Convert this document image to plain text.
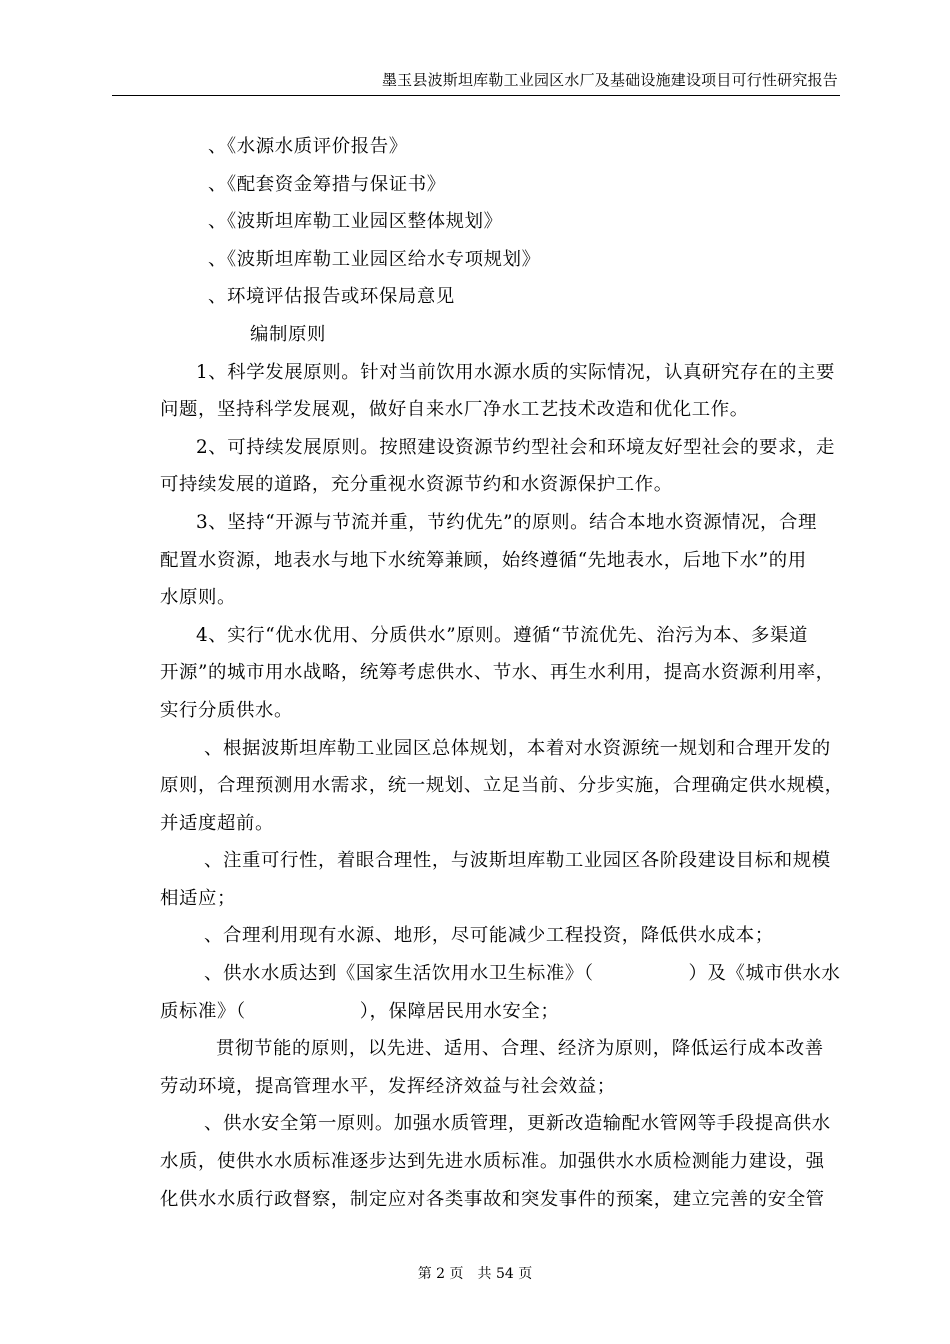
墨玉县波斯坦库勒工业园区水厂及基础设施建设项目可行性研究报告
、《水源水质评价报告》
、《配套资金筹措与保证书》
、《波斯坦库勒工业园区整体规划》
、《波斯坦库勒工业园区给水专项规划》
、环境评估报告或环保局意见
编制原则
1、科学发展原则。针对当前饮用水源水质的实际情况，认真研究存在的主要
问题，坚持科学发展观，做好自来水厂净水工艺技术改造和优化工作。
2、可持续发展原则。按照建设资源节约型社会和环境友好型社会的要求，走
可持续发展的道路，充分重视水资源节约和水资源保护工作。
3、坚持“开源与节流并重，节约优先”的原则。结合本地水资源情况，合理
配置水资源，地表水与地下水统筹兼顾，始终遵循“先地表水，后地下水”的用
水原则。
4、实行“优水优用、分质供水”原则。遵循“节流优先、治污为本、多渠道
开源”的城市用水战略，统筹考虑供水、节水、再生水利用，提高水资源利用率，
实行分质供水。
、根据波斯坦库勒工业园区总体规划，本着对水资源统一规划和合理开发的
原则，合理预测用水需求，统一规划、立足当前、分步实施，合理确定供水规模，
并适度超前。
、注重可行性，着眼合理性，与波斯坦库勒工业园区各阶段建设目标和规模
相适应；
、合理利用现有水源、地形，尽可能减少工程投资，降低供水成本；
、供水水质达到《国家生活饮用水卫生标准》（　　　　　）及《城市供水水
质标准》（　　　　　　），保障居民用水安全；
贯彻节能的原则，以先进、适用、合理、经济为原则，降低运行成本改善
劳动环境，提高管理水平，发挥经济效益与社会效益；
、供水安全第一原则。加强水质管理，更新改造输配水管网等手段提高供水
水质，使供水水质标准逐步达到先进水质标准。加强供水水质检测能力建设，强
化供水水质行政督察，制定应对各类事故和突发事件的预案，建立完善的安全管
第 2 页　共 54 页
